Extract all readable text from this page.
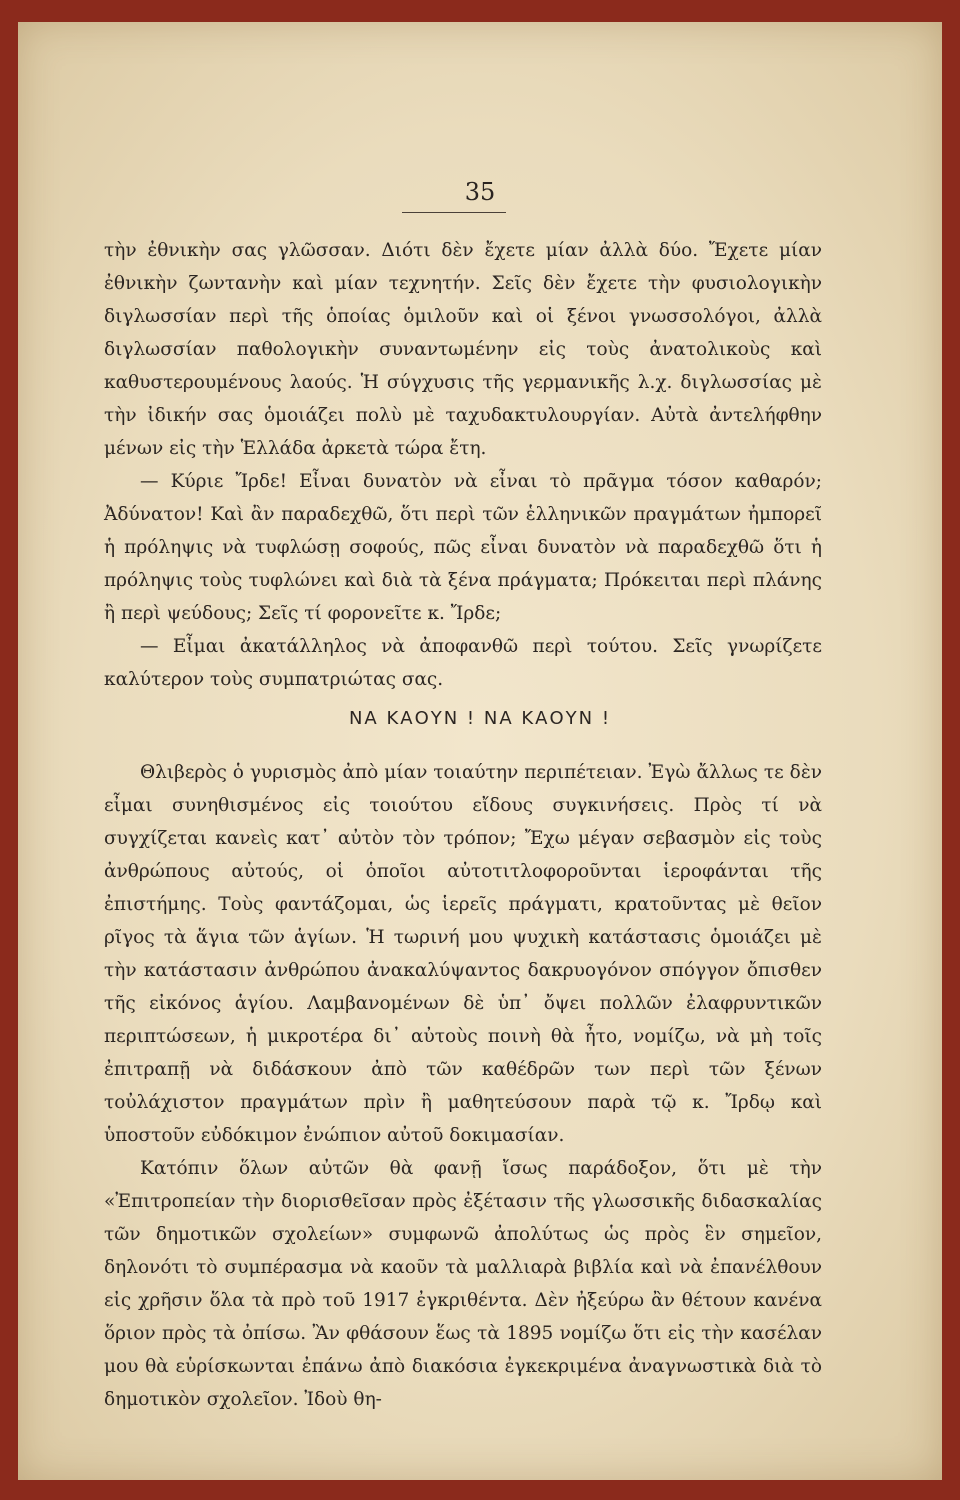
35

τὴν ἐθνικὴν σας γλῶσσαν. Διότι δὲν ἔχετε μίαν ἀλλὰ δύο. Ἔχετε μίαν ἐθνικὴν ζωντανὴν καὶ μίαν τεχνητήν. Σεῖς δὲν ἔχετε τὴν φυσιολογικὴν διγλωσσίαν περὶ τῆς ὁποίας ὁμιλοῦν καὶ οἱ ξένοι γνωσσολόγοι, ἀλλὰ διγλωσσίαν παθολογικὴν συναντωμένην εἰς τοὺς ἀνατολικοὺς καὶ καθυστερουμένους λαούς. Ἡ σύγχυσις τῆς γερμανικῆς λ.χ. διγλωσσίας μὲ τὴν ἰδικήν σας ὁμοιάζει πολὺ μὲ ταχυδακτυλουργίαν. Αὐτὰ ἀντελήφθην μένων εἰς τὴν Ἑλλάδα ἀρκετὰ τώρα ἔτη.

— Κύριε Ἴρδε! Εἶναι δυνατὸν νὰ εἶναι τὸ πρᾶγμα τόσον καθαρόν; Ἀδύνατον! Καὶ ἂν παραδεχθῶ, ὅτι περὶ τῶν ἑλληνικῶν πραγμάτων ἠμπορεῖ ἡ πρόληψις νὰ τυφλώσῃ σοφούς, πῶς εἶναι δυνατὸν νὰ παραδεχθῶ ὅτι ἡ πρόληψις τοὺς τυφλώνει καὶ διὰ τὰ ξένα πράγματα; Πρόκειται περὶ πλάνης ἢ περὶ ψεύδους; Σεῖς τί φορονεῖτε κ. Ἴρδε;

— Εἶμαι ἀκατάλληλος νὰ ἀποφανθῶ περὶ τούτου. Σεῖς γνωρίζετε καλύτερον τοὺς συμπατριώτας σας.

ΝΑ ΚΑΟΥΝ ! ΝΑ ΚΑΟΥΝ !

Θλιβερὸς ὁ γυρισμὸς ἀπὸ μίαν τοιαύτην περιπέτειαν. Ἐγὼ ἄλλως τε δὲν εἶμαι συνηθισμένος εἰς τοιούτου εἴδους συγκινήσεις. Πρὸς τί νὰ συγχίζεται κανεὶς κατ᾽ αὐτὸν τὸν τρόπον; Ἔχω μέγαν σεβασμὸν εἰς τοὺς ἀνθρώπους αὐτούς, οἱ ὁποῖοι αὐτοτιτλοφοροῦνται ἱεροφάνται τῆς ἐπιστήμης. Τοὺς φαντάζομαι, ὡς ἱερεῖς πράγματι, κρατοῦντας μὲ θεῖον ρῖγος τὰ ἅγια τῶν ἁγίων. Ἡ τωρινή μου ψυχικὴ κατάστασις ὁμοιάζει μὲ τὴν κατάστασιν ἀνθρώπου ἀνακαλύψαντος δακρυογόνον σπόγγον ὄπισθεν τῆς εἰκόνος ἁγίου. Λαμβανομένων δὲ ὑπ᾽ ὄψει πολλῶν ἐλαφρυντικῶν περιπτώσεων, ἡ μικροτέρα δι᾽ αὐτοὺς ποινὴ θὰ ἦτο, νομίζω, νὰ μὴ τοῖς ἐπιτραπῇ νὰ διδάσκουν ἀπὸ τῶν καθέδρῶν των περὶ τῶν ξένων τοὐλάχιστον πραγμάτων πρὶν ἢ μαθητεύσουν παρὰ τῷ κ. Ἴρδῳ καὶ ὑποστοῦν εὐδόκιμον ἐνώπιον αὐτοῦ δοκιμασίαν.

Κατόπιν ὅλων αὐτῶν θὰ φανῇ ἴσως παράδοξον, ὅτι μὲ τὴν «Ἐπιτροπείαν τὴν διορισθεῖσαν πρὸς ἐξέτασιν τῆς γλωσσικῆς διδασκαλίας τῶν δημοτικῶν σχολείων» συμφωνῶ ἀπολύτως ὡς πρὸς ἓν σημεῖον, δηλονότι τὸ συμπέρασμα νὰ καοῦν τὰ μαλλιαρὰ βιβλία καὶ νὰ ἐπανέλθουν εἰς χρῆσιν ὅλα τὰ πρὸ τοῦ 1917 ἐγκριθέντα. Δὲν ἠξεύρω ἂν θέτουν κανένα ὅριον πρὸς τὰ ὀπίσω. Ἂν φθάσουν ἕως τὰ 1895 νομίζω ὅτι εἰς τὴν κασέλαν μου θὰ εὑρίσκωνται ἐπάνω ἀπὸ διακόσια ἐγκεκριμένα ἀναγνωστικὰ διὰ τὸ δημοτικὸν σχολεῖον. Ἰδοὺ θη-
